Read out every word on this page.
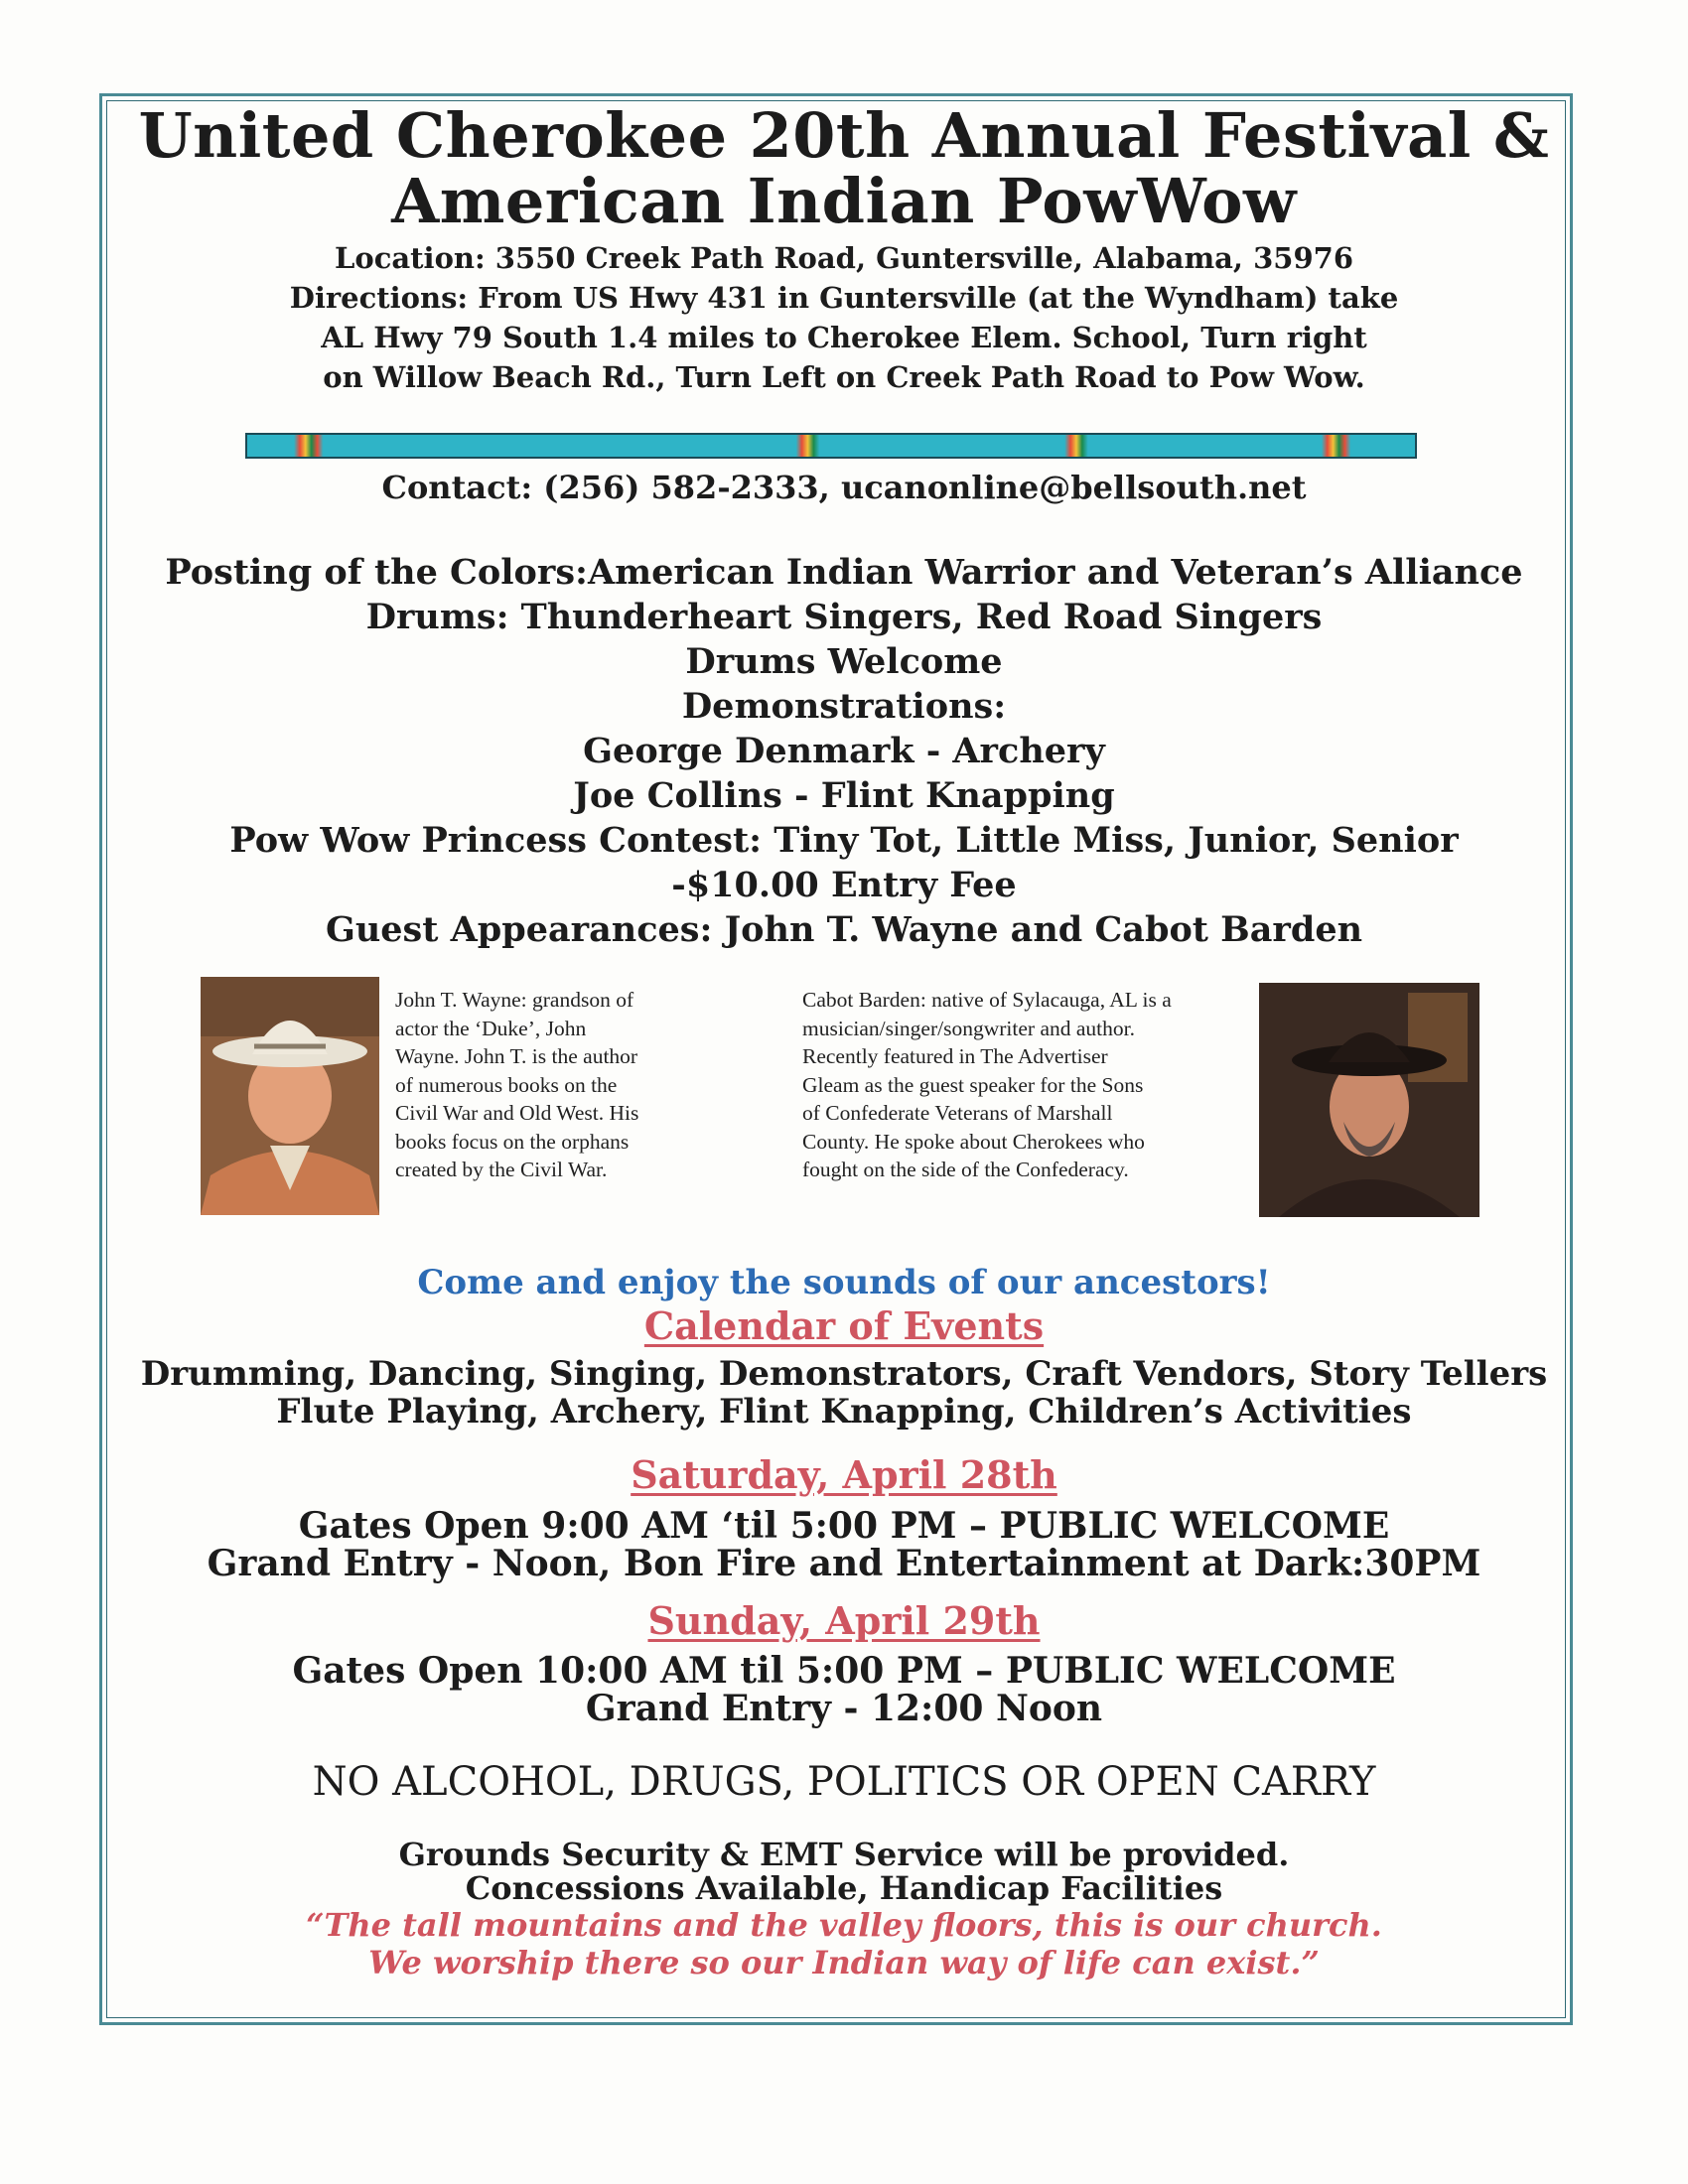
United Cherokee 20th Annual Festival &
American Indian PowWow
Location: 3550 Creek Path Road, Guntersville, Alabama, 35976
Directions: From US Hwy 431 in Guntersville (at the Wyndham) take
AL Hwy 79 South 1.4 miles to Cherokee Elem. School, Turn right
on Willow Beach Rd., Turn Left on Creek Path Road to Pow Wow.
Contact: (256) 582-2333, ucanonline@bellsouth.net
Posting of the Colors:American Indian Warrior and Veteran’s Alliance
Drums: Thunderheart Singers, Red Road Singers
Drums Welcome
Demonstrations:
George Denmark - Archery
Joe Collins - Flint Knapping
Pow Wow Princess Contest: Tiny Tot, Little Miss, Junior, Senior
-$10.00 Entry Fee
Guest Appearances: John T. Wayne and Cabot Barden
John T. Wayne: grandson of
actor the ‘Duke’, John
Wayne. John T. is the author
of numerous books on the
Civil War and Old West. His
books focus on the orphans
created by the Civil War.
Cabot Barden: native of Sylacauga, AL is a
musician/singer/songwriter and author.
Recently featured in The Advertiser
Gleam as the guest speaker for the Sons
of Confederate Veterans of Marshall
County. He spoke about Cherokees who
fought on the side of the Confederacy.
Come and enjoy the sounds of our ancestors!
Calendar of Events
Drumming, Dancing, Singing, Demonstrators, Craft Vendors, Story Tellers
Flute Playing, Archery, Flint Knapping, Children’s Activities
Saturday, April 28th
Gates Open 9:00 AM ‘til 5:00 PM – PUBLIC WELCOME
Grand Entry - Noon, Bon Fire and Entertainment at Dark:30PM
Sunday, April 29th
Gates Open 10:00 AM til 5:00 PM – PUBLIC WELCOME
Grand Entry - 12:00 Noon
NO ALCOHOL, DRUGS, POLITICS OR OPEN CARRY
Grounds Security & EMT Service will be provided.
Concessions Available, Handicap Facilities
“The tall mountains and the valley floors, this is our church.
We worship there so our Indian way of life can exist.”
